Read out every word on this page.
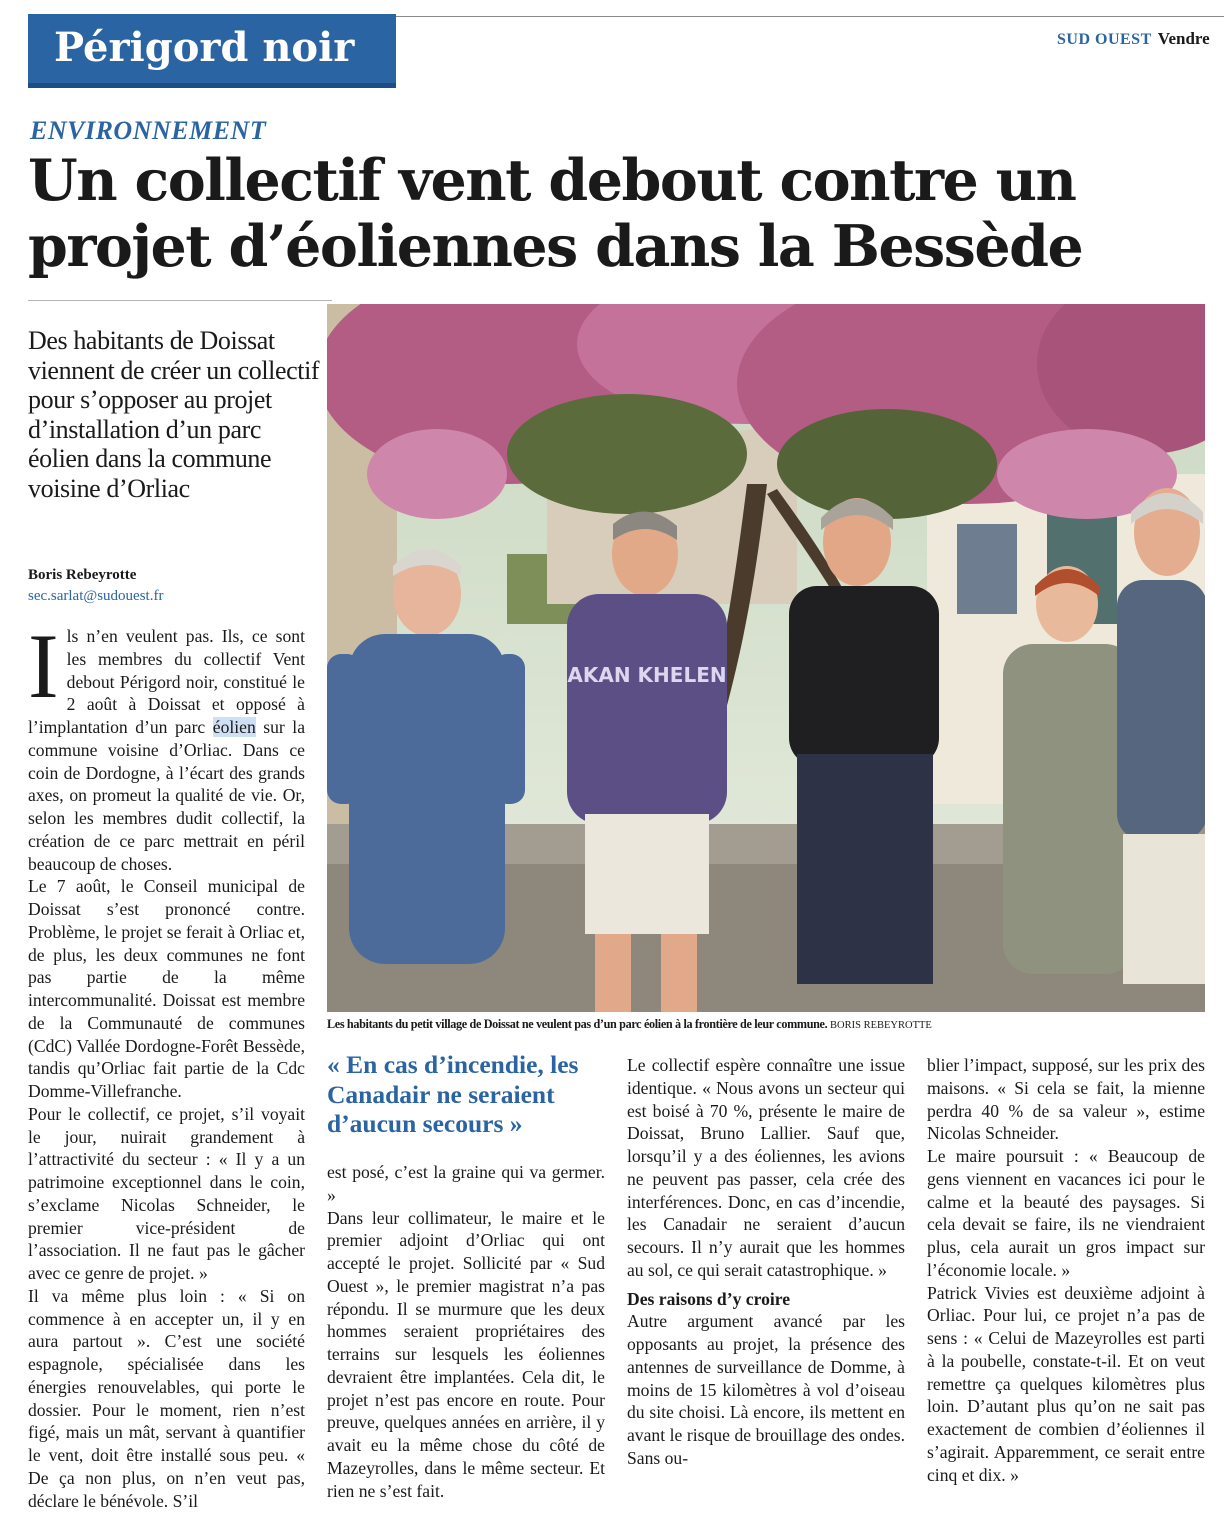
Périgord noir	SUD OUEST Vendre
ENVIRONNEMENT
Un collectif vent debout contre un
projet d’éoliennes dans la Bessède
Des habitants de Doissat viennent de créer un collectif pour s’opposer au projet d’installation d’un parc éolien dans la commune voisine d’Orliac
Boris Rebeyrotte
sec.sarlat@sudouest.fr

Ils n’en veulent pas. Ils, ce sont les membres du collectif Vent debout Périgord noir, constitué le 2 août à Doissat et opposé à l’implantation d’un parc éolien sur la commune voisine d’Orliac. Dans ce coin de Dordogne, à l’écart des grands axes, on promeut la qualité de vie. Or, selon les membres dudit collectif, la création de ce parc mettrait en péril beaucoup de choses.

Le 7 août, le Conseil municipal de Doissat s’est prononcé contre. Problème, le projet se ferait à Orliac et, de plus, les deux communes ne font pas partie de la même intercommunalité. Doissat est membre de la Communauté de communes (CdC) Vallée Dordogne-Forêt Bessède, tandis qu’Orliac fait partie de la Cdc Domme-Villefranche.

Pour le collectif, ce projet, s’il voyait le jour, nuirait grandement à l’attractivité du secteur : « Il y a un patrimoine exceptionnel dans le coin, s’exclame Nicolas Schneider, le premier vice-président de l’association. Il ne faut pas le gâcher avec ce genre de projet. »

Il va même plus loin : « Si on commence à en accepter un, il y en aura partout ». C’est une société espagnole, spécialisée dans les énergies renouvelables, qui porte le dossier. Pour le moment, rien n’est figé, mais un mât, servant à quantifier le vent, doit être installé sous peu. « De ça non plus, on n’en veut pas, déclare le bénévole. S’il

AKAN KHELEN
Les habitants du petit village de Doissat ne veulent pas d’un parc éolien à la frontière de leur commune. BORIS REBEYROTTE
« En cas d’incendie, les Canadair ne seraient d’aucun secours »

est posé, c’est la graine qui va germer. »

Dans leur collimateur, le maire et le premier adjoint d’Orliac qui ont accepté le projet. Sollicité par « Sud Ouest », le premier magistrat n’a pas répondu. Il se murmure que les deux hommes seraient propriétaires des terrains sur lesquels les éoliennes devraient être implantées. Cela dit, le projet n’est pas encore en route. Pour preuve, quelques années en arrière, il y avait eu la même chose du côté de Mazeyrolles, dans le même secteur. Et rien ne s’est fait.

Le collectif espère connaître une issue identique. « Nous avons un secteur qui est boisé à 70 %, présente le maire de Doissat, Bruno Lallier. Sauf que, lorsqu’il y a des éoliennes, les avions ne peuvent pas passer, cela crée des interférences. Donc, en cas d’incendie, les Canadair ne seraient d’aucun secours. Il n’y aurait que les hommes au sol, ce qui serait catastrophique. »

Des raisons d’y croire

Autre argument avancé par les opposants au projet, la présence des antennes de surveillance de Domme, à moins de 15 kilomètres à vol d’oiseau du site choisi. Là encore, ils mettent en avant le risque de brouillage des ondes. Sans ou-

blier l’impact, supposé, sur les prix des maisons. « Si cela se fait, la mienne perdra 40 % de sa valeur », estime Nicolas Schneider.

Le maire poursuit : « Beaucoup de gens viennent en vacances ici pour le calme et la beauté des paysages. Si cela devait se faire, ils ne viendraient plus, cela aurait un gros impact sur l’économie locale. »

Patrick Vivies est deuxième adjoint à Orliac. Pour lui, ce projet n’a pas de sens : « Celui de Mazeyrolles est parti à la poubelle, constate-t-il. Et on veut remettre ça quelques kilomètres plus loin. D’autant plus qu’on ne sait pas exactement de combien d’éoliennes il s’agirait. Apparemment, ce serait entre cinq et dix. »
